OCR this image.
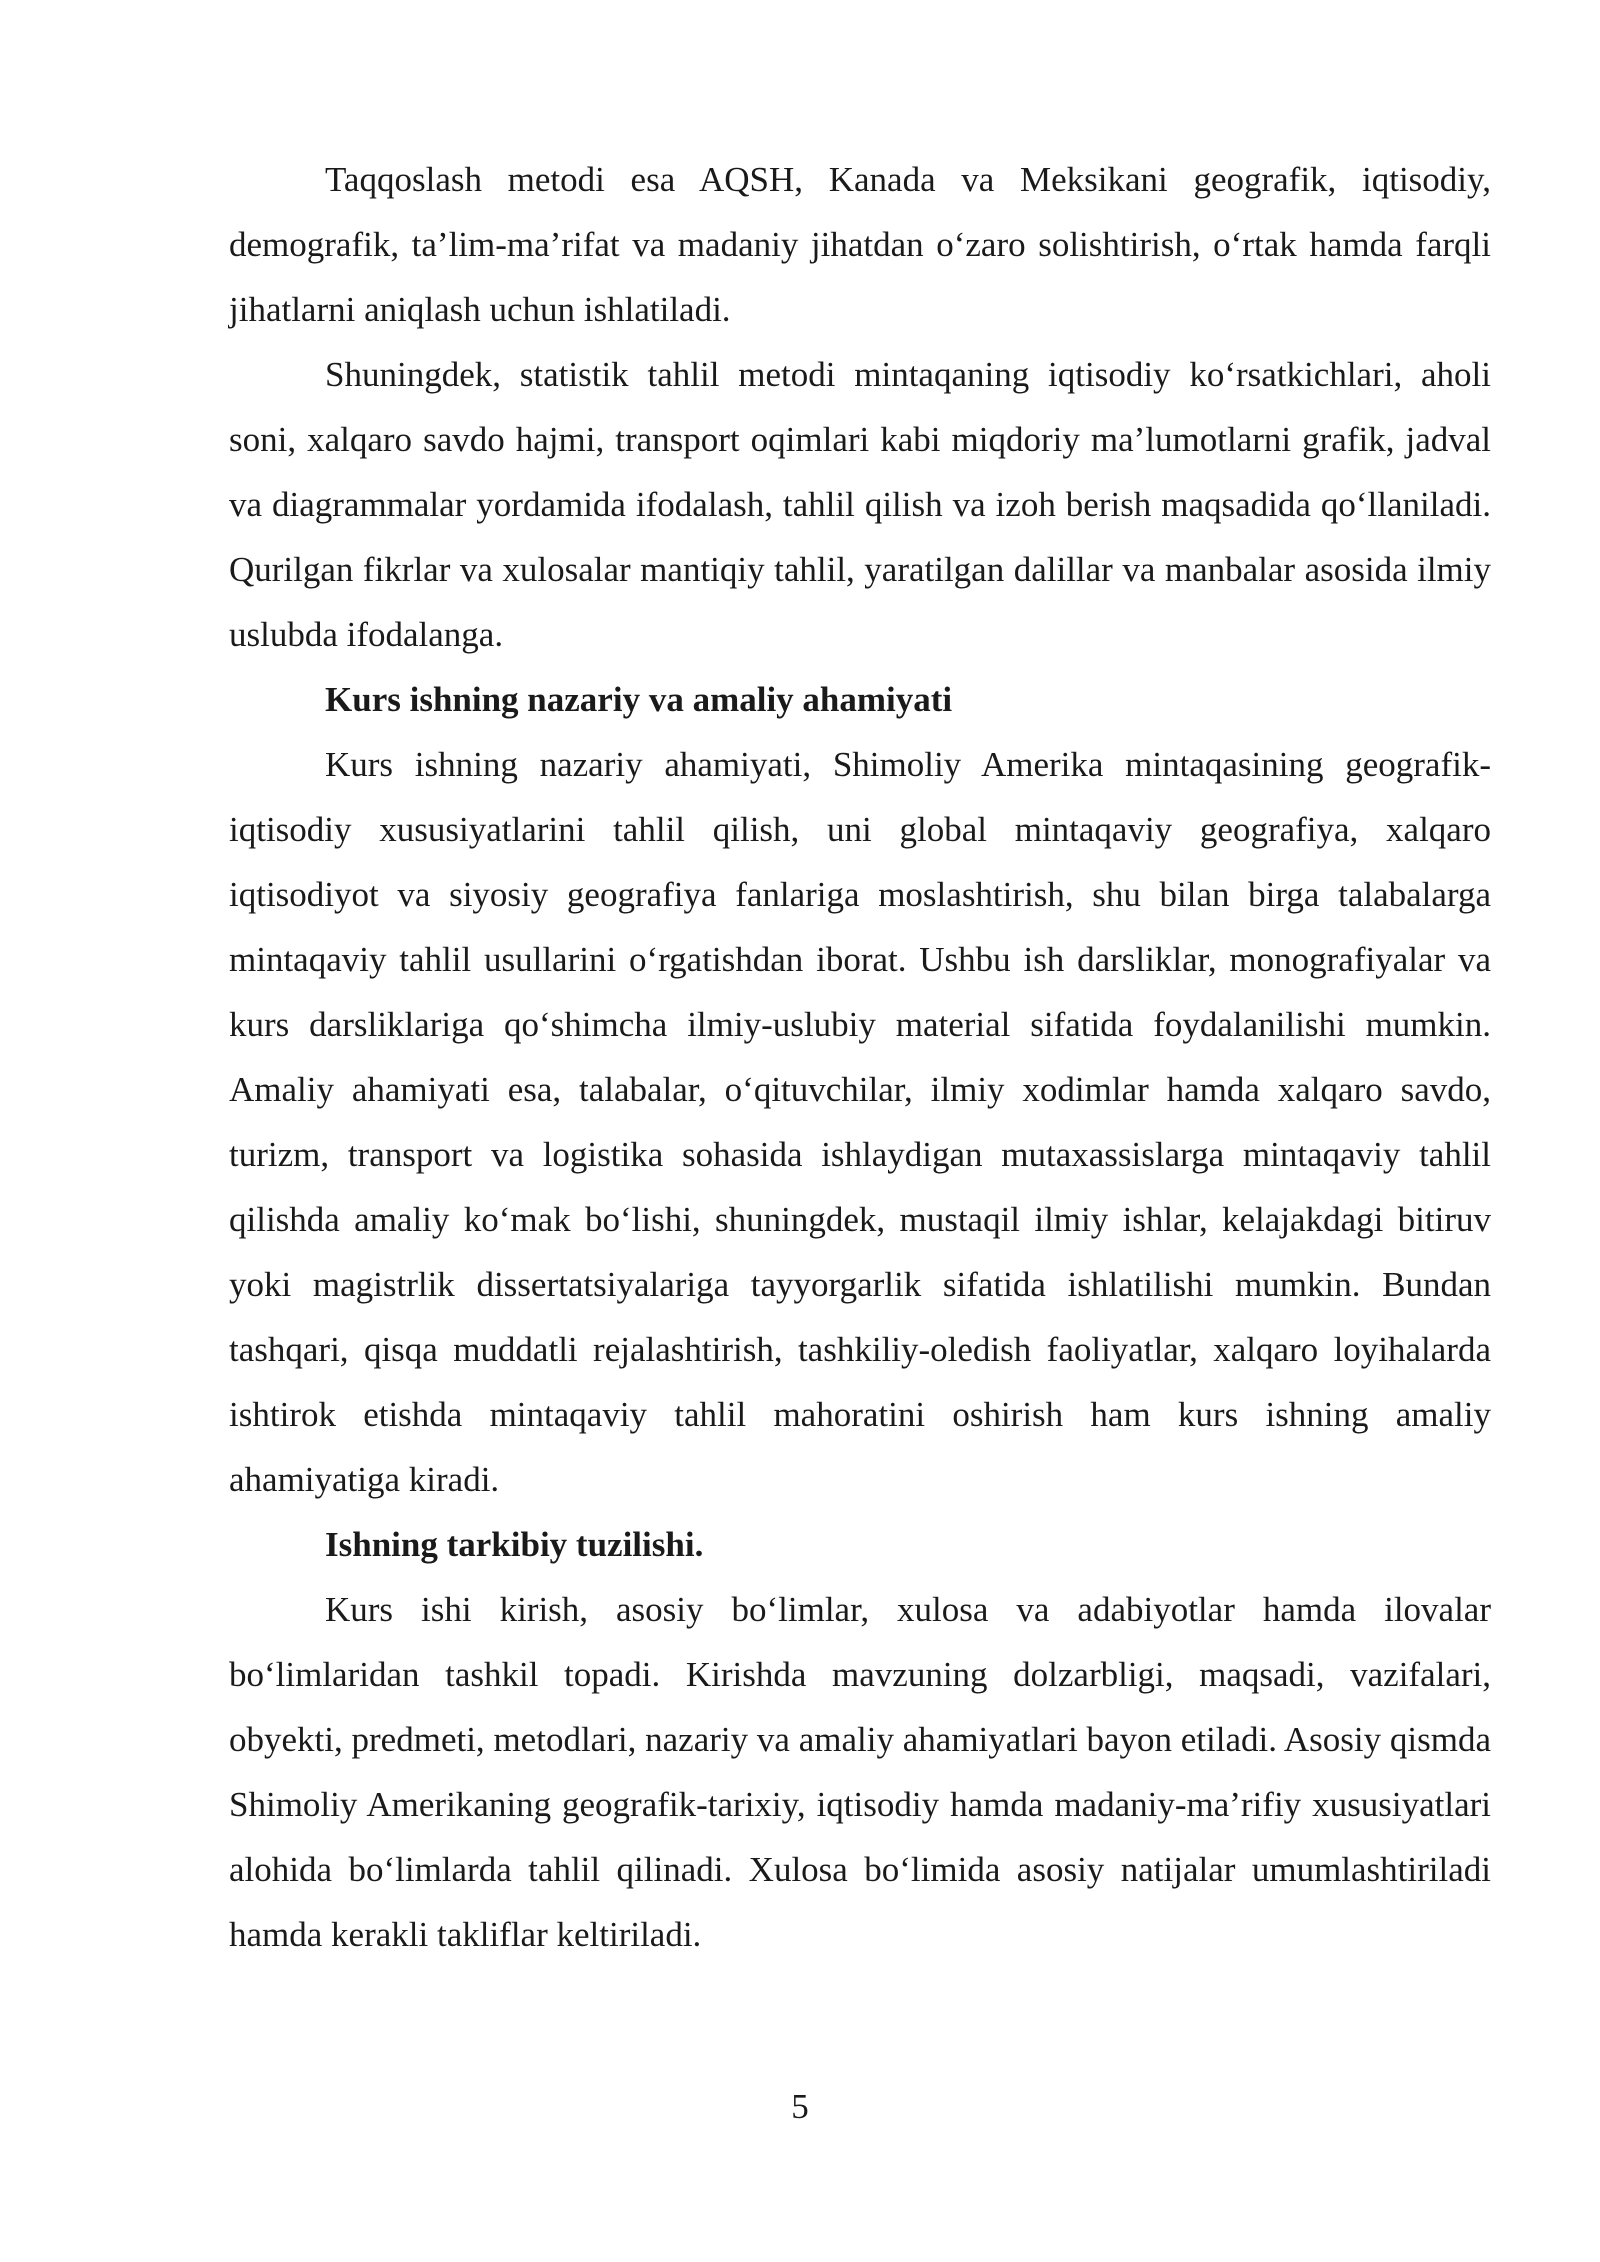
Taqqoslash metodi esa AQSH, Kanada va Meksikani geografik, iqtisodiy, demografik, ta’lim-ma’rifat va madaniy jihatdan o‘zaro solishtirish, o‘rtak hamda farqli jihatlarni aniqlash uchun ishlatiladi.

Shuningdek, statistik tahlil metodi mintaqaning iqtisodiy ko‘rsatkichlari, aholi soni, xalqaro savdo hajmi, transport oqimlari kabi miqdoriy ma’lumotlarni grafik, jadval va diagrammalar yordamida ifodalash, tahlil qilish va izoh berish maqsadida qo‘llaniladi. Qurilgan fikrlar va xulosalar mantiqiy tahlil, yaratilgan dalillar va manbalar asosida ilmiy uslubda ifodalanga.

Kurs ishning nazariy va amaliy ahamiyati

Kurs ishning nazariy ahamiyati, Shimoliy Amerika mintaqasining geografik-iqtisodiy xususiyatlarini tahlil qilish, uni global mintaqaviy geografiya, xalqaro iqtisodiyot va siyosiy geografiya fanlariga moslashtirish, shu bilan birga talabalarga mintaqaviy tahlil usullarini o‘rgatishdan iborat. Ushbu ish darsliklar, monografiyalar va kurs darsliklariga qo‘shimcha ilmiy-uslubiy material sifatida foydalanilishi mumkin. Amaliy ahamiyati esa, talabalar, o‘qituvchilar, ilmiy xodimlar hamda xalqaro savdo, turizm, transport va logistika sohasida ishlaydigan mutaxassislarga mintaqaviy tahlil qilishda amaliy ko‘mak bo‘lishi, shuningdek, mustaqil ilmiy ishlar, kelajakdagi bitiruv yoki magistrlik dissertatsiyalariga tayyorgarlik sifatida ishlatilishi mumkin. Bundan tashqari, qisqa muddatli rejalashtirish, tashkiliy-oledish faoliyatlar, xalqaro loyihalarda ishtirok etishda mintaqaviy tahlil mahoratini oshirish ham kurs ishning amaliy ahamiyatiga kiradi.

Ishning tarkibiy tuzilishi.

Kurs ishi kirish, asosiy bo‘limlar, xulosa va adabiyotlar hamda ilovalar bo‘limlaridan tashkil topadi. Kirishda mavzuning dolzarbligi, maqsadi, vazifalari, obyekti, predmeti, metodlari, nazariy va amaliy ahamiyatlari bayon etiladi. Asosiy qismda Shimoliy Amerikaning geografik-tarixiy, iqtisodiy hamda madaniy-ma’rifiy xususiyatlari alohida bo‘limlarda tahlil qilinadi. Xulosa bo‘limida asosiy natijalar umumlashtiriladi hamda kerakli takliflar keltiriladi.

5
